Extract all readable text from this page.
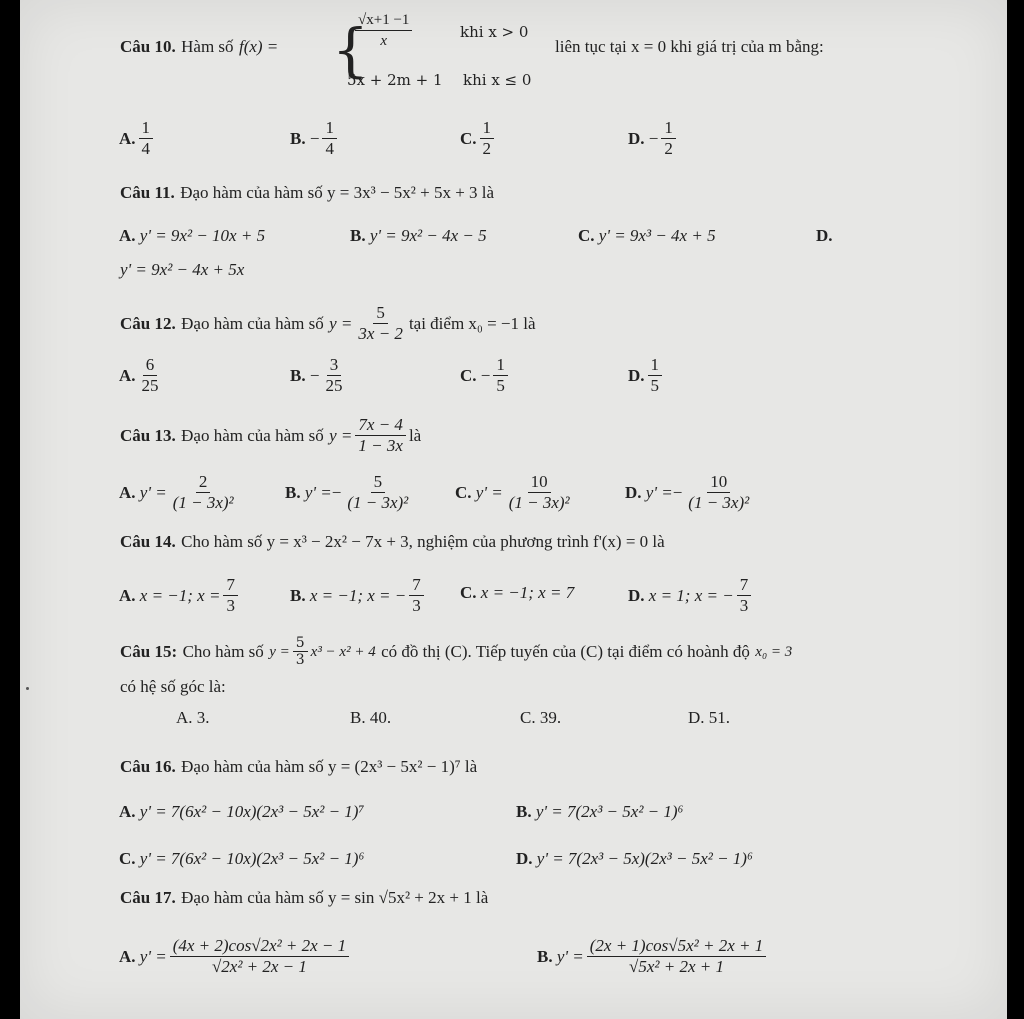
Câu 10.
Hàm số
f(x) = {
$\frac{√x+1 -1}{x}$	khi x > 0
5x + 2m + 1 khi x ≤ 0
liên tục tại x = 0 khi giá trị của m bằng:
A. $\frac{1}{4}$	B.
− $\frac{1}{4}$	C. $\frac{1}{2}$	D.
− $\frac{1}{2}$
Câu 11.
Đạo hàm của hàm số y = 3x³ − 5x² + 5x + 3 là
A.
y' = 9x² − 10x + 5	B.
y' = 9x² − 4x − 5	C.
y' = 9x³ − 4x + 5	D.
y' = 9x² − 4x + 5x
Câu 12.
Đạo hàm của hàm số
$y = \frac{5}{3x - 2}$ tại điểm x₀ = −1 là
A. $\frac{6}{25}$	B.
− $\frac{3}{25}$	C.
− $\frac{1}{5}$	D. $\frac{1}{5}$
Câu 13.
Đạo hàm của hàm số
$y = \frac{7x - 4}{1 - 3x}$ là
A.
$y' = \frac{2}{\text{(1 − 3x)²}}$	B.
y' = − $\frac{5}{\text{(1 − 3x)²}}$	C.
$y' = \frac{10}{\text{(1 − 3x)²}}$	D.
y' = − $\frac{10}{\text{(1 − 3x)²}}$
Câu 14.
Cho hàm số y = x³ − 2x² − 7x + 3, nghiệm của phương trình f'(x) = 0 là
A.
x = −1; $x = \frac{7}{3}$	B.
x = −1; x = − $\frac{7}{3} C$.
x = −1; x = 7	D.
x = 1; x = − $\frac{7}{3}$
Câu 15:
Cho hàm số
$y = \frac{5}{3} x^3 - x^2 + 4$
có đồ thị (C). Tiếp tuyến của (C) tại điểm có hoành độ
x₀ = 3
có hệ số góc là:
A.
3.	B.
40.	C.
39.	D.
51.
Câu 16.
Đạo hàm của hàm số y = (2x³ − 5x² − 1)⁷ là
A.
y' = 7(6x² − 10x)(2x³ − 5x² − 1)⁷	B.
y' = 7(2x³ − 5x² − 1)⁶
C.
y' = 7(6x² − 10x)(2x³ − 5x² − 1)⁶	D.
y' = 7(2x³ − 5x)(2x³ − 5x² − 1)⁶
Câu 17.
Đạo hàm của hàm số y = sin √5x² + 2x + 1 là
A.
$y' = \frac{\text{(4x + 2)cos√2x² + 2x − 1}}{\text{√2x² + 2x − 1}}$	B.
$y' = \frac{\text{(2x + 1)cos√5x² + 2x + 1}}{\text{√5x² + 2x + 1}}$
